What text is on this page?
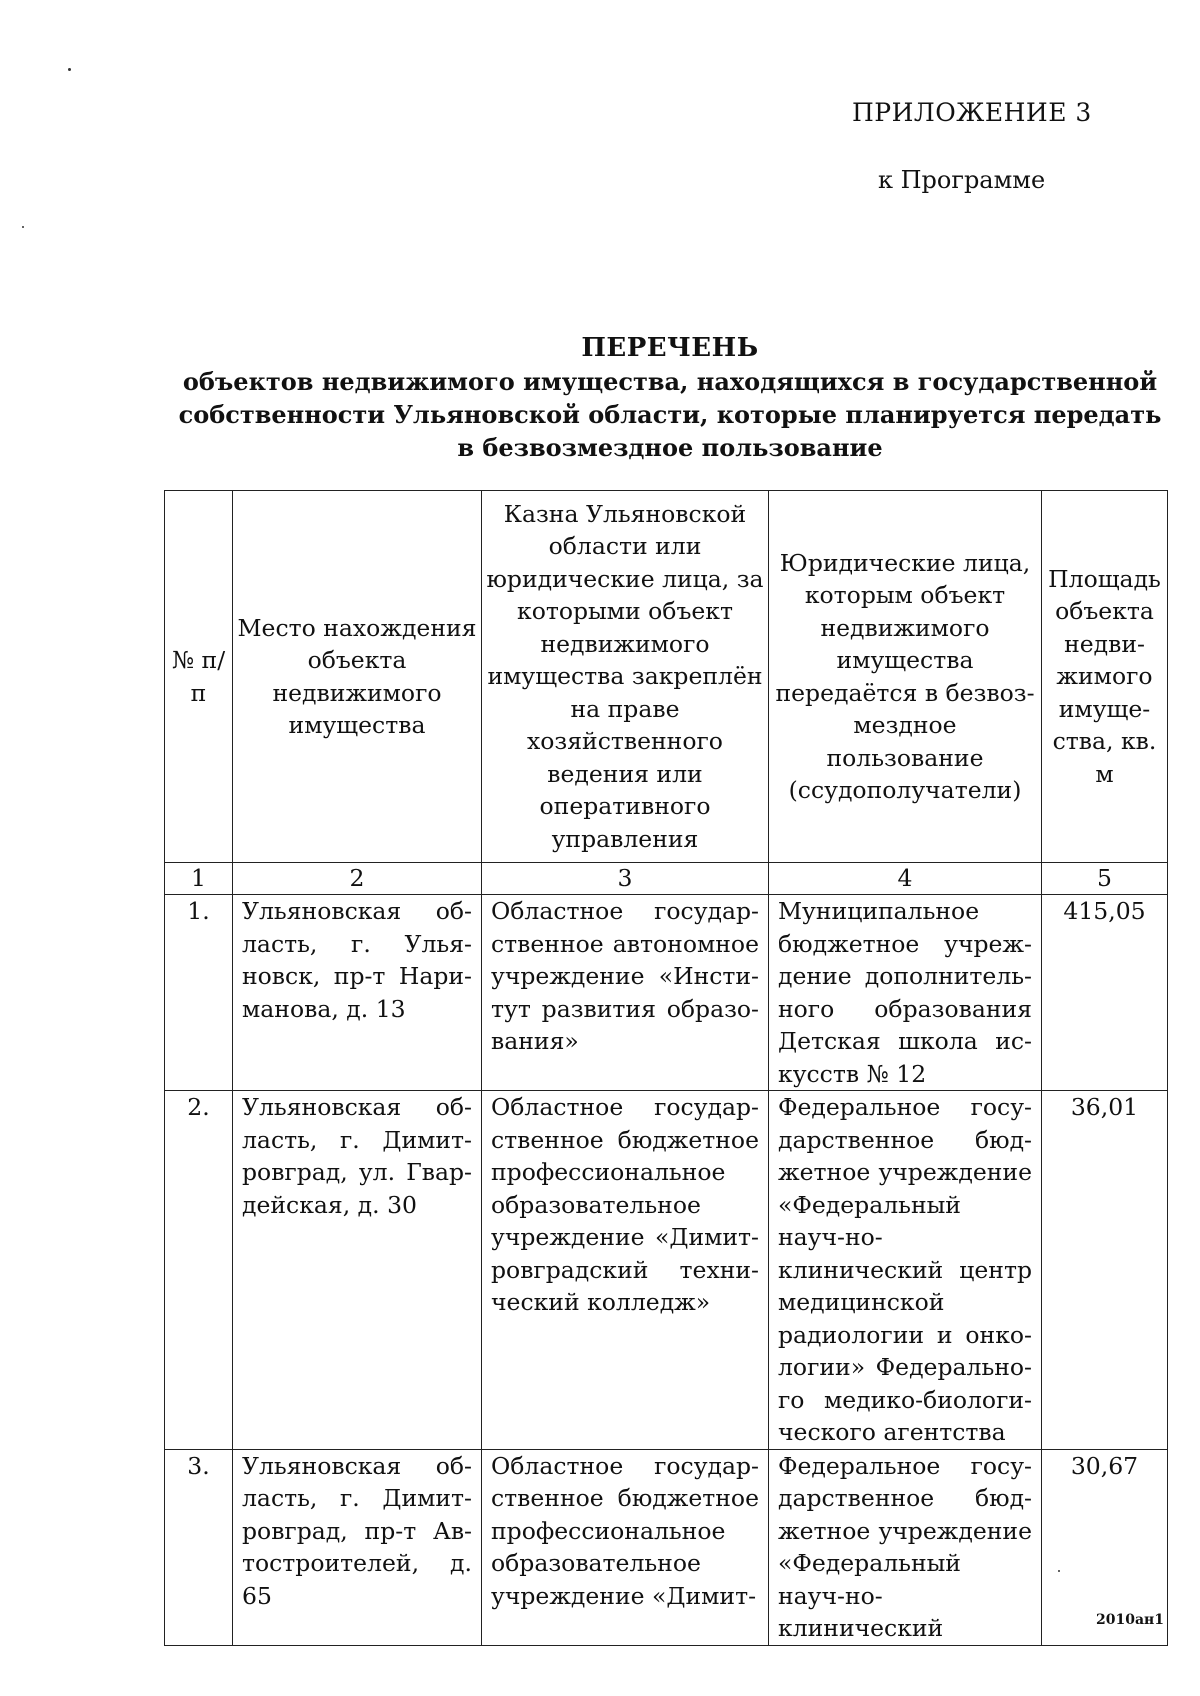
ПРИЛОЖЕНИЕ 3
к Программе
ПЕРЕЧЕНЬ
объектов недвижимого имущества, находящихся в государственной
собственности Ульяновской области, которые планируется передать
в безвозмездное пользование
№ п/п	Место нахождения объекта недвижимого имущества	Казна Ульяновской области или юридические лица, за которыми объект недвижимого имущества закреплён на праве хозяйственного ведения или оперативного управления	Юридические лица, которым объект недвижимого имущества передаётся в безвоз-мездное пользование (ссудополучатели)	Площадь объекта недви-жимого имуще-ства, кв. м
1	2	3	4	5
1.	Ульяновская об-ласть, г. Улья-новск, пр-т Нари-манова, д. 13	Областное государ-ственное автономное учреждение «Инсти-тут развития образо-вания»	Муниципальное бюджетное учреж-дение дополнитель-ного образования Детская школа ис-кусств № 12	415,05
2.	Ульяновская об-ласть, г. Димит-ровград, ул. Гвар-дейская, д. 30	Областное государ-ственное бюджетное профессиональное образовательное учреждение «Димит-ровградский техни-ческий колледж»	Федеральное госу-дарственное бюд-жетное учреждение «Федеральный науч-но-клинический центр медицинской радиологии и онко-логии» Федерально-го медико-биологи-ческого агентства	36,01
3.	Ульяновская об-ласть, г. Димит-ровград, пр-т Ав-тостроителей, д. 65	Областное государ-ственное бюджетное профессиональное образовательное учреждение «Димит-	Федеральное госу-дарственное бюд-жетное учреждение «Федеральный науч-но-клинический	30,67
2010ан1
